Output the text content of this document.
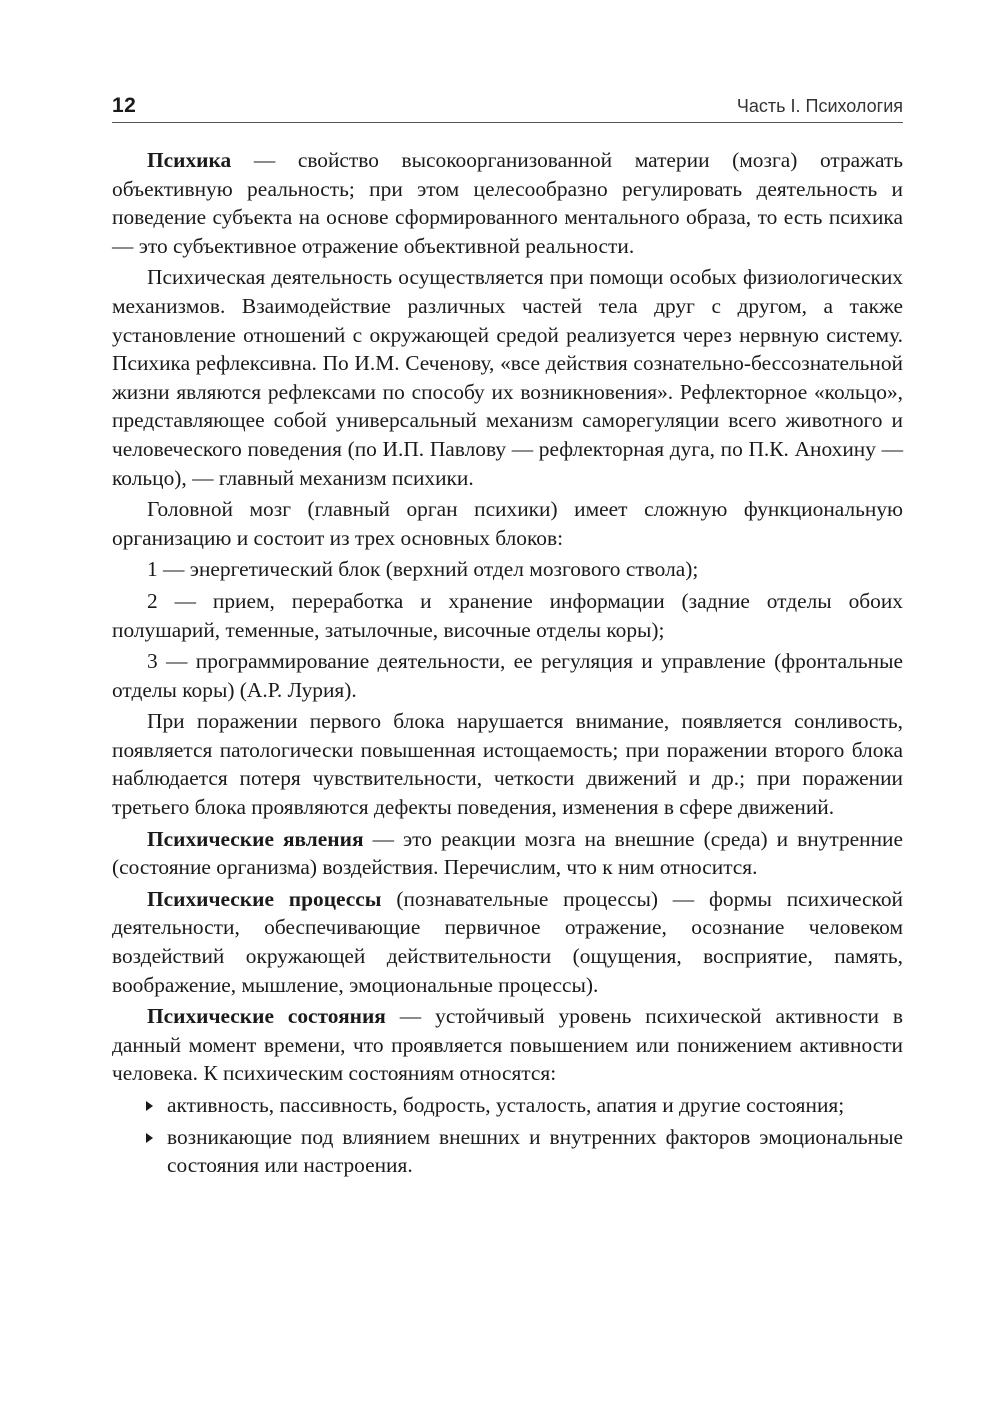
12	Часть I. Психология

Психика — свойство высокоорганизованной материи (мозга) отражать объективную реальность; при этом целесообразно регулировать деятельность и поведение субъекта на основе сформированного ментального образа, то есть психика — это субъективное отражение объективной реальности.

Психическая деятельность осуществляется при помощи особых физиологических механизмов. Взаимодействие различных частей тела друг с другом, а также установление отношений с окружающей средой реализуется через нервную систему. Психика рефлексивна. По И.М. Сеченову, «все действия сознательно-бессознательной жизни являются рефлексами по способу их возникновения». Рефлекторное «кольцо», представляющее собой универсальный механизм саморегуляции всего животного и человеческого поведения (по И.П. Павлову — рефлекторная дуга, по П.К. Анохину — кольцо), — главный механизм психики.

Головной мозг (главный орган психики) имеет сложную функциональную организацию и состоит из трех основных блоков:

1 — энергетический блок (верхний отдел мозгового ствола);

2 — прием, переработка и хранение информации (задние отделы обоих полушарий, теменные, затылочные, височные отделы коры);

3 — программирование деятельности, ее регуляция и управление (фронтальные отделы коры) (А.Р. Лурия).

При поражении первого блока нарушается внимание, появляется сонливость, появляется патологически повышенная истощаемость; при поражении второго блока наблюдается потеря чувствительности, четкости движений и др.; при поражении третьего блока проявляются дефекты поведения, изменения в сфере движений.

Психические явления — это реакции мозга на внешние (среда) и внутренние (состояние организма) воздействия. Перечислим, что к ним относится.

Психические процессы (познавательные процессы) — формы психической деятельности, обеспечивающие первичное отражение, осознание человеком воздействий окружающей действительности (ощущения, восприятие, память, воображение, мышление, эмоциональные процессы).

Психические состояния — устойчивый уровень психической активности в данный момент времени, что проявляется повышением или понижением активности человека. К психическим состояниям относятся:

активность, пассивность, бодрость, усталость, апатия и другие состояния;
возникающие под влиянием внешних и внутренних факторов эмоциональные состояния или настроения.
